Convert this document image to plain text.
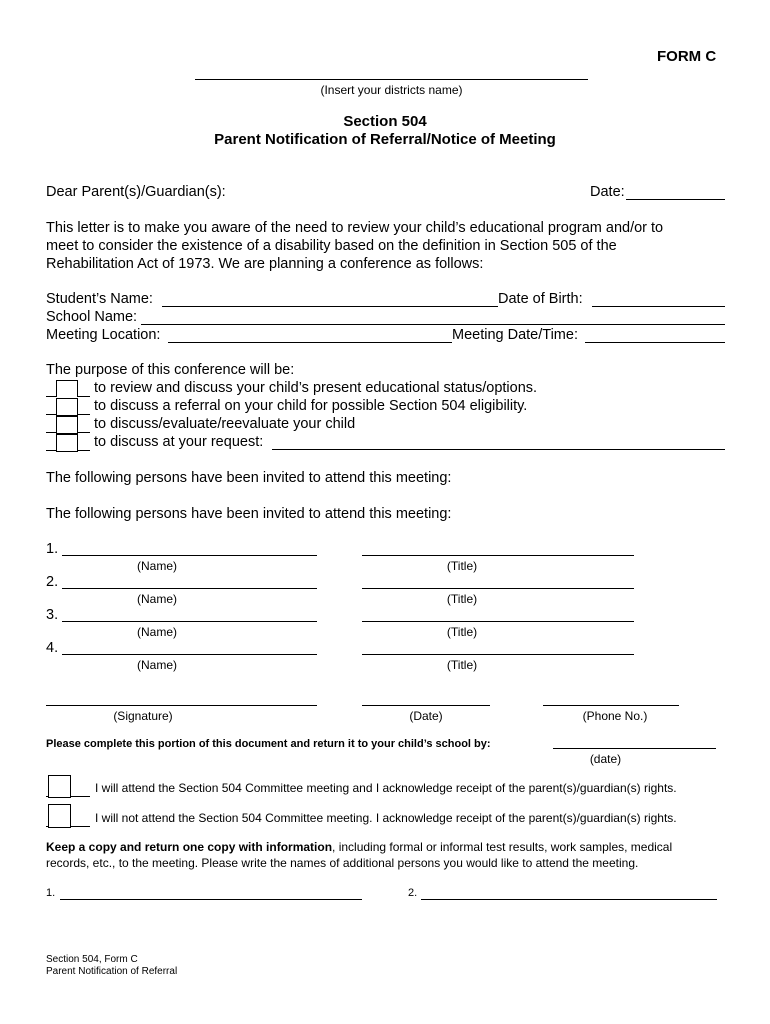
FORM C
(Insert your districts name)
Section 504
Parent Notification of Referral/Notice of Meeting
Dear Parent(s)/Guardian(s):	Date:
This letter is to make you aware of the need to review your child’s educational program and/or to
meet to consider the existence of a disability based on the definition in Section 505 of the
Rehabilitation Act of 1973. We are planning a conference as follows:
Student’s Name:	Date of Birth:
School Name:
Meeting Location:	Meeting Date/Time:
The purpose of this conference will be:
to review and discuss your child’s present educational status/options.
to discuss a referral on your child for possible Section 504 eligibility.
to discuss/evaluate/reevaluate your child
to discuss at your request:
The following persons have been invited to attend this meeting:
The following persons have been invited to attend this meeting:
1.
(Name)	(Title)
2.
(Name)	(Title)
3.
(Name)	(Title)
4.
(Name)	(Title)
(Signature)	(Date)	(Phone No.)
Please complete this portion of this document and return it to your child’s school by:
(date)
I will attend the Section 504 Committee meeting and I acknowledge receipt of the parent(s)/guardian(s) rights.
I will not attend the Section 504 Committee meeting. I acknowledge receipt of the parent(s)/guardian(s) rights.
Keep a copy and return one copy with information, including formal or informal test results, work samples, medical
records, etc., to the meeting. Please write the names of additional persons you would like to attend the meeting.
1.	2.
Section 504, Form C
Parent Notification of Referral
